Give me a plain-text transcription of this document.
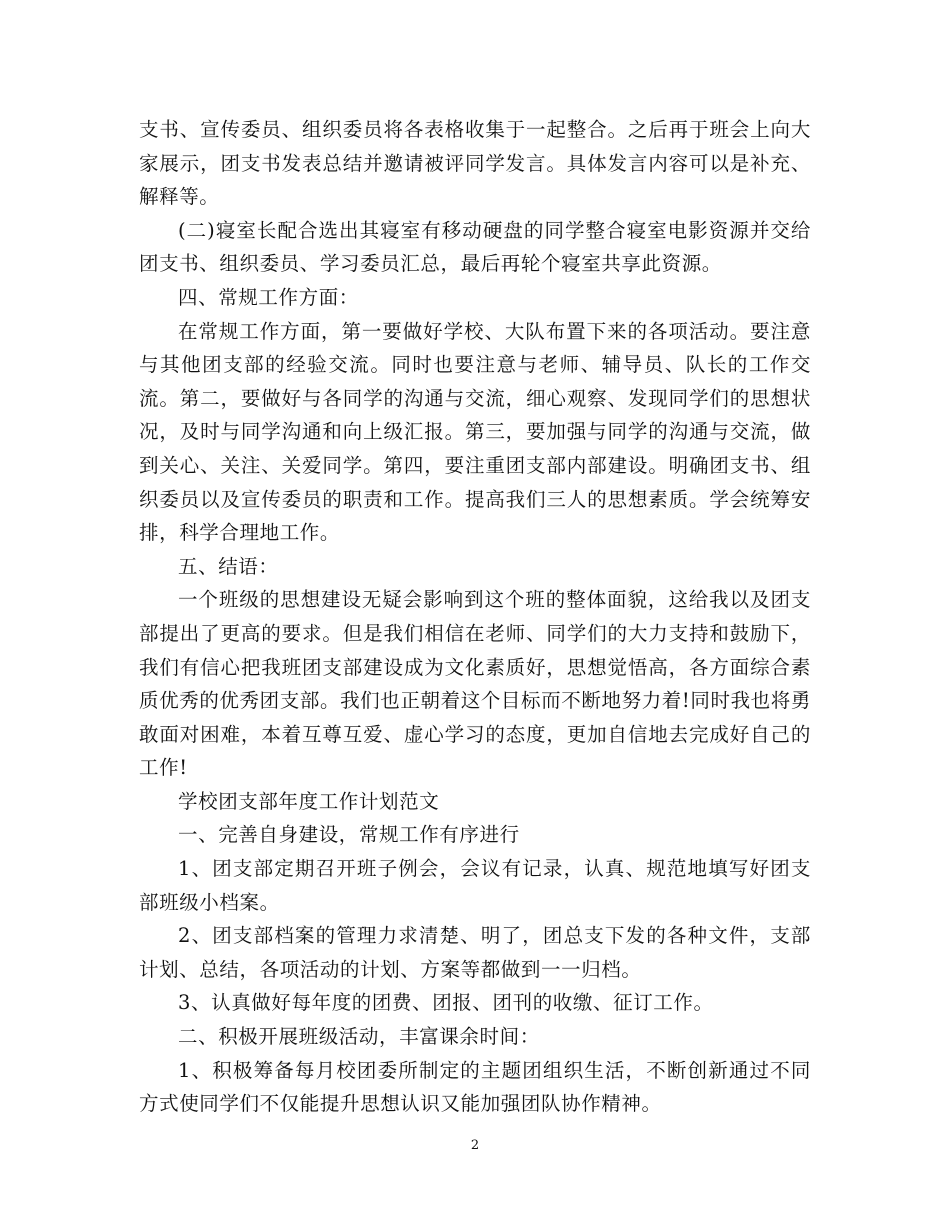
支书、宣传委员、组织委员将各表格收集于一起整合。之后再于班会上向大家展示，团支书发表总结并邀请被评同学发言。具体发言内容可以是补充、解释等。

(二)寝室长配合选出其寝室有移动硬盘的同学整合寝室电影资源并交给团支书、组织委员、学习委员汇总，最后再轮个寝室共享此资源。

四、常规工作方面：

在常规工作方面，第一要做好学校、大队布置下来的各项活动。要注意与其他团支部的经验交流。同时也要注意与老师、辅导员、队长的工作交流。第二，要做好与各同学的沟通与交流，细心观察、发现同学们的思想状况，及时与同学沟通和向上级汇报。第三，要加强与同学的沟通与交流，做到关心、关注、关爱同学。第四，要注重团支部内部建设。明确团支书、组织委员以及宣传委员的职责和工作。提高我们三人的思想素质。学会统筹安排，科学合理地工作。

五、结语：

一个班级的思想建设无疑会影响到这个班的整体面貌，这给我以及团支部提出了更高的要求。但是我们相信在老师、同学们的大力支持和鼓励下，我们有信心把我班团支部建设成为文化素质好，思想觉悟高，各方面综合素质优秀的优秀团支部。我们也正朝着这个目标而不断地努力着!同时我也将勇敢面对困难，本着互尊互爱、虚心学习的态度，更加自信地去完成好自己的工作!

学校团支部年度工作计划范文

一、完善自身建设，常规工作有序进行

1、团支部定期召开班子例会，会议有记录，认真、规范地填写好团支部班级小档案。

2、团支部档案的管理力求清楚、明了，团总支下发的各种文件，支部计划、总结，各项活动的计划、方案等都做到一一归档。

3、认真做好每年度的团费、团报、团刊的收缴、征订工作。

二、积极开展班级活动，丰富课余时间：

1、积极筹备每月校团委所制定的主题团组织生活，不断创新通过不同方式使同学们不仅能提升思想认识又能加强团队协作精神。

2
